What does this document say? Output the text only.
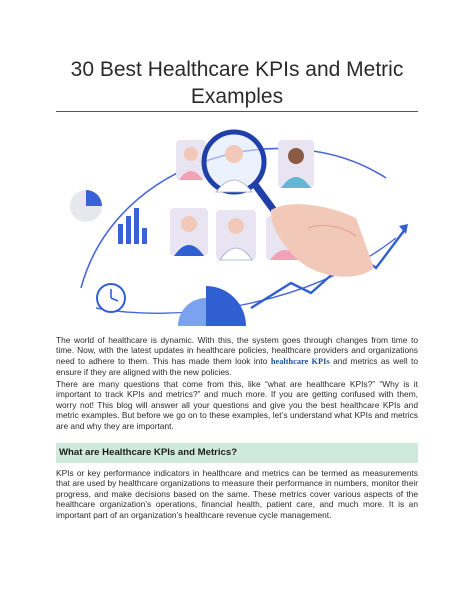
30 Best Healthcare KPIs and Metric
Examples
The world of healthcare is dynamic. With this, the system goes through changes from time to time. Now, with the latest updates in healthcare policies, healthcare providers and organizations need to adhere to them. This has made them look into healthcare KPIs and metrics as well to ensure if they are aligned with the new policies.
There are many questions that come from this, like “what are healthcare KPIs?” “Why is it important to track KPIs and metrics?” and much more. If you are getting confused with them, worry not! This blog will answer all your questions and give you the best healthcare KPIs and metric examples. But before we go on to these examples, let’s understand what KPIs and metrics are and why they are important.
What are Healthcare KPIs and Metrics?
KPIs or key performance indicators in healthcare and metrics can be termed as measurements that are used by healthcare organizations to measure their performance in numbers, monitor their progress, and make decisions based on the same. These metrics cover various aspects of the healthcare organization’s operations, financial health, patient care, and much more. It is an important part of an organization’s healthcare revenue cycle management.
